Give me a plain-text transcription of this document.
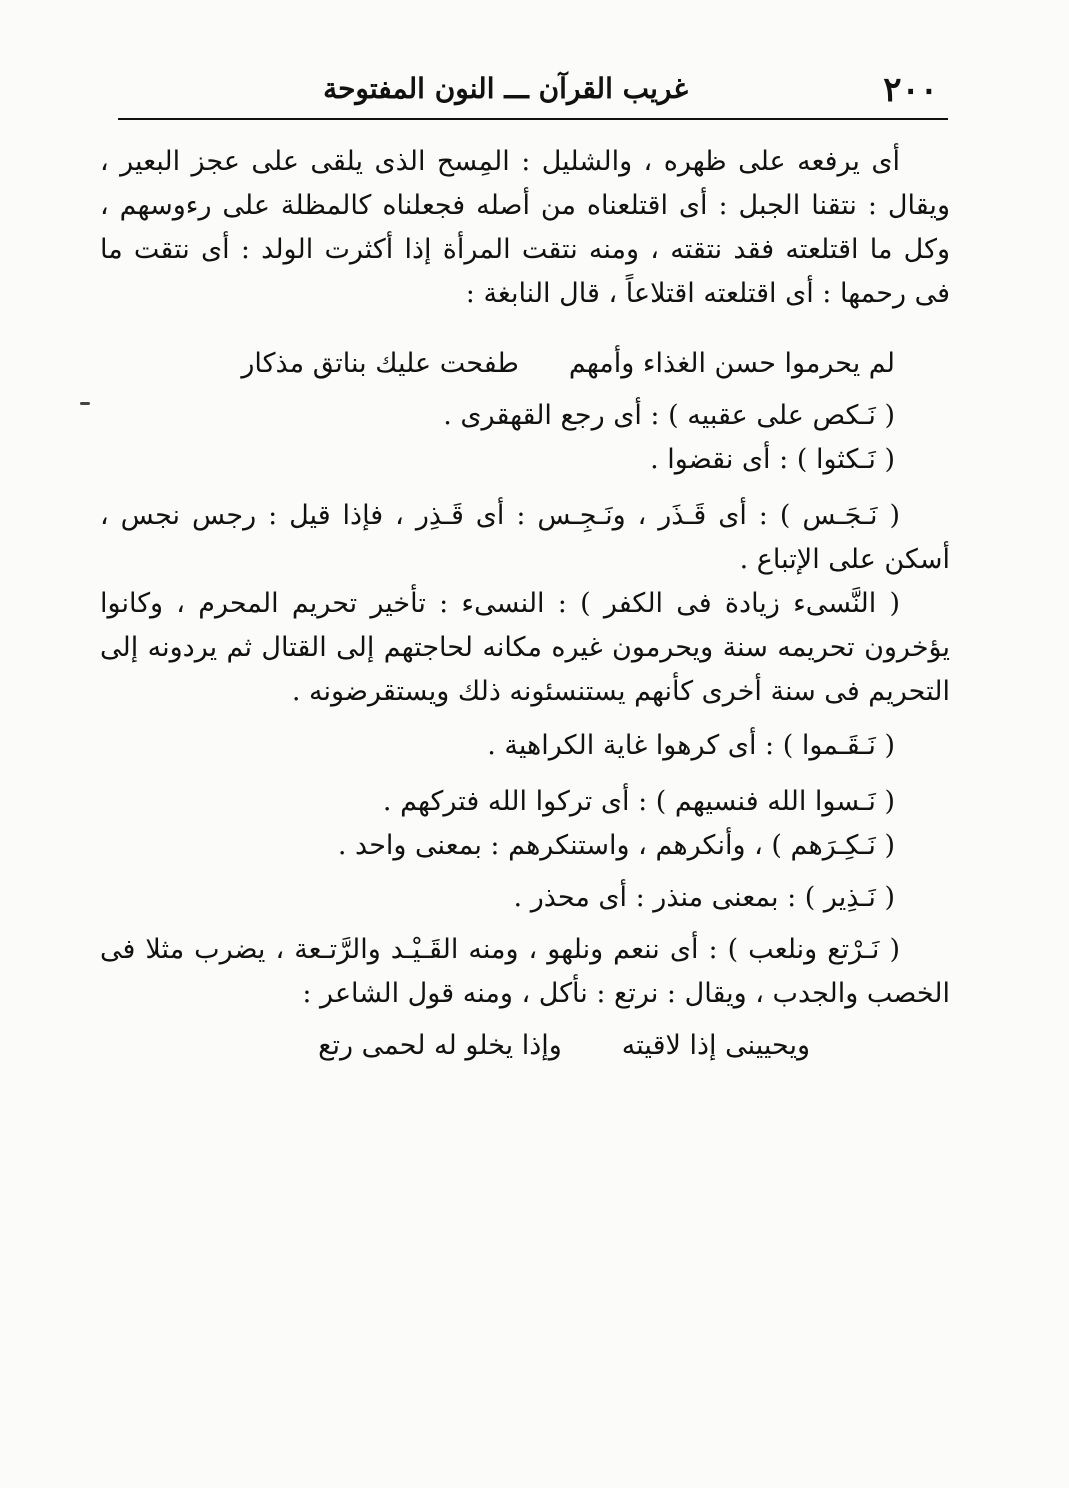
٢٠٠
غريب القرآن ـــ النون المفتوحة

أى يرفعه على ظهره ، والشليل : المِسح الذى يلقى على عجز البعير ، ويقال : نتقنا الجبل : أى اقتلعناه من أصله فجعلناه كالمظلة على رءوسهم ، وكل ما اقتلعته فقد نتقته ، ومنه نتقت المرأة إذا أكثرت الولد : أى نتقت ما فى رحمها : أى اقتلعته اقتلاعاً ، قال النابغة :

لم يحرموا حسن الغذاء وأمهم
طفحت عليك بناتق مذكار
( نَـكص على عقبيه ) : أى رجع القهقرى .
( نَـكثوا ) : أى نقضوا .

( نَـجَـس ) : أى قَـذَر ، ونَـجِـس : أى قَـذِر ، فإذا قيل : رجس نجس ، أسكن على الإتباع .

( النَّسىء زيادة فى الكفر ) : النسىء : تأخير تحريم المحرم ، وكانوا يؤخرون تحريمه سنة ويحرمون غيره مكانه لحاجتهم إلى القتال ثم يردونه إلى التحريم فى سنة أخرى كأنهم يستنسئونه ذلك ويستقرضونه .

( نَـقَـموا ) : أى كرهوا غاية الكراهية .
( نَـسوا الله فنسيهم ) : أى تركوا الله فتركهم .
( نَـكِـرَهم ) ، وأنكرهم ، واستنكرهم : بمعنى واحد .
( نَـذِير ) : بمعنى منذر : أى محذر .

( نَـرْتع ونلعب ) : أى ننعم ونلهو ، ومنه القَـيْـد والرَّتـعة ، يضرب مثلا فى الخصب والجدب ، ويقال : نرتع : نأكل ، ومنه قول الشاعر :

ويحيينى إذا لاقيته
وإذا يخلو له لحمى رتع
